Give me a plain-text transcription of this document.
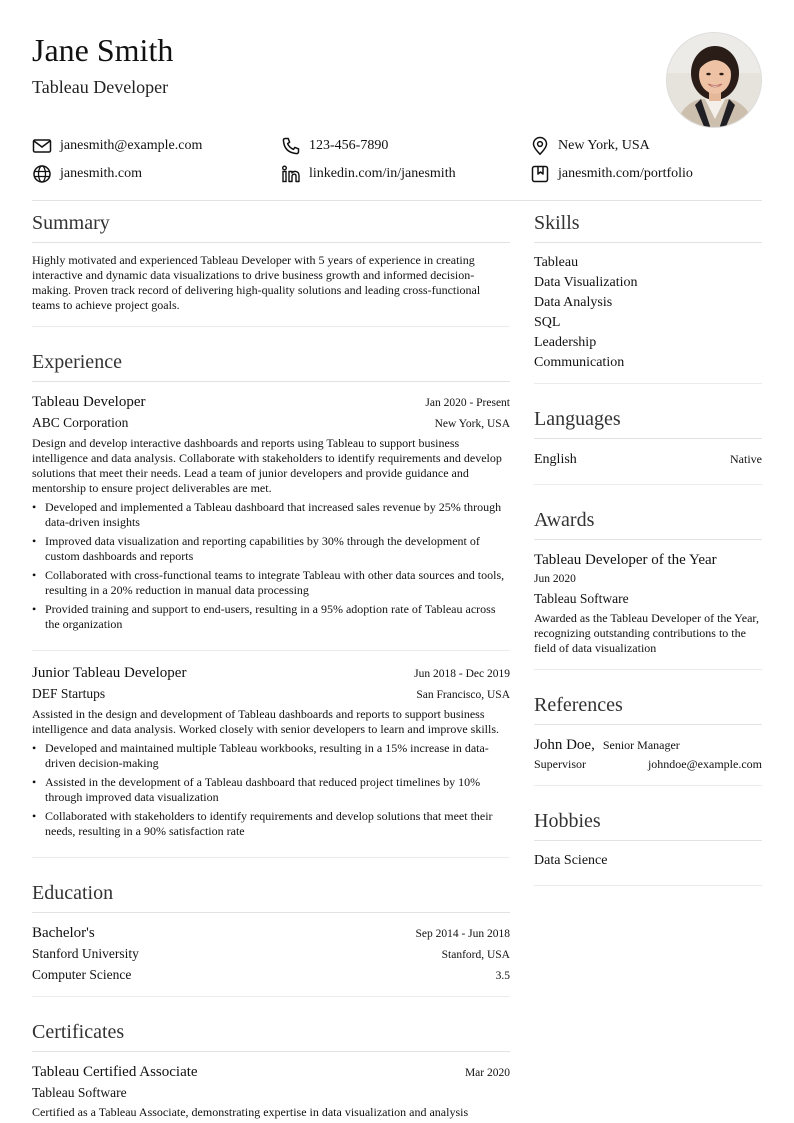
Jane Smith
Tableau Developer
janesmith@example.com	123-456-7890	New York, USA
janesmith.com	linkedin.com/in/janesmith	janesmith.com/portfolio
Summary
Highly motivated and experienced Tableau Developer with 5 years of experience in creating interactive and dynamic data visualizations to drive business growth and informed decision-making. Proven track record of delivering high-quality solutions and leading cross-functional teams to achieve project goals.
Experience
Tableau Developer	Jan 2020 - Present
ABC Corporation	New York, USA
Design and develop interactive dashboards and reports using Tableau to support business intelligence and data analysis. Collaborate with stakeholders to identify requirements and develop solutions that meet their needs. Lead a team of junior developers and provide guidance and mentorship to ensure project deliverables are met.
• Developed and implemented a Tableau dashboard that increased sales revenue by 25% through data-driven insights
• Improved data visualization and reporting capabilities by 30% through the development of custom dashboards and reports
• Collaborated with cross-functional teams to integrate Tableau with other data sources and tools, resulting in a 20% reduction in manual data processing
• Provided training and support to end-users, resulting in a 95% adoption rate of Tableau across the organization
Junior Tableau Developer	Jun 2018 - Dec 2019
DEF Startups	San Francisco, USA
Assisted in the design and development of Tableau dashboards and reports to support business intelligence and data analysis. Worked closely with senior developers to learn and improve skills.
• Developed and maintained multiple Tableau workbooks, resulting in a 15% increase in data-driven decision-making
• Assisted in the development of a Tableau dashboard that reduced project timelines by 10% through improved data visualization
• Collaborated with stakeholders to identify requirements and develop solutions that meet their needs, resulting in a 90% satisfaction rate
Education
Bachelor's	Sep 2014 - Jun 2018
Stanford University	Stanford, USA
Computer Science	3.5
Certificates
Tableau Certified Associate	Mar 2020
Tableau Software
Certified as a Tableau Associate, demonstrating expertise in data visualization and analysis
Skills
Tableau
Data Visualization
Data Analysis
SQL
Leadership
Communication
Languages
English	Native
Awards
Tableau Developer of the Year
Jun 2020
Tableau Software
Awarded as the Tableau Developer of the Year, recognizing outstanding contributions to the field of data visualization
References
John Doe, Senior Manager
Supervisor	johndoe@example.com
Hobbies
Data Science
